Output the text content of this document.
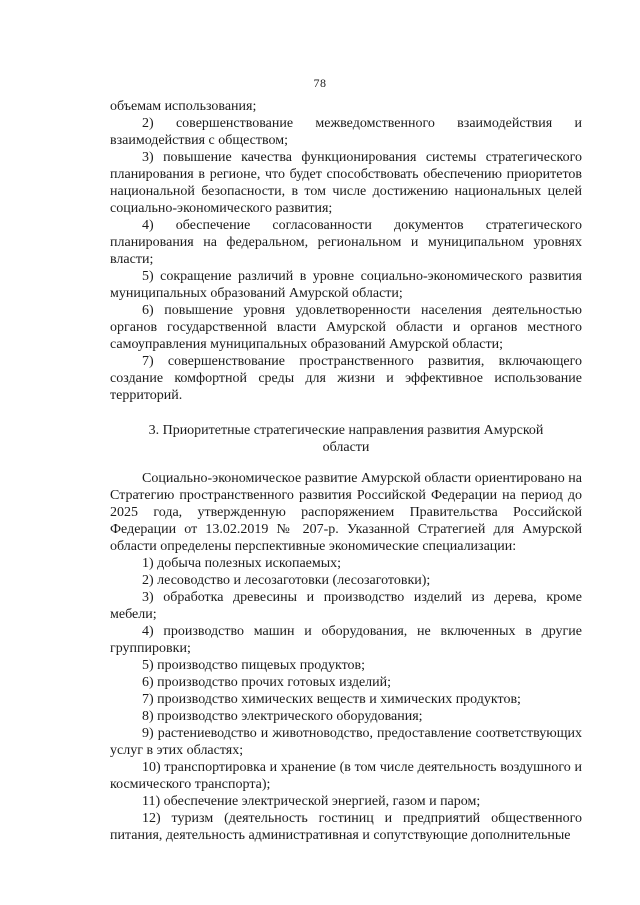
78

объемам использования;

2) совершенствование межведомственного взаимодействия и взаимодействия с обществом;

3) повышение качества функционирования системы стратегического планирования в регионе, что будет способствовать обеспечению приоритетов национальной безопасности, в том числе достижению национальных целей социально-экономического развития;

4) обеспечение согласованности документов стратегического планирования на федеральном, региональном и муниципальном уровнях власти;

5) сокращение различий в уровне социально-экономического развития муниципальных образований Амурской области;

6) повышение уровня удовлетворенности населения деятельностью органов государственной власти Амурской области и органов местного самоуправления муниципальных образований Амурской области;

7) совершенствование пространственного развития, включающего создание комфортной среды для жизни и эффективное использование территорий.

3. Приоритетные стратегические направления развития Амурской области

Социально-экономическое развитие Амурской области ориентировано на Стратегию пространственного развития Российской Федерации на период до 2025 года, утвержденную распоряжением Правительства Российской Федерации от 13.02.2019 № 207-р. Указанной Стратегией для Амурской области определены перспективные экономические специализации:

1) добыча полезных ископаемых;

2) лесоводство и лесозаготовки (лесозаготовки);

3) обработка древесины и производство изделий из дерева, кроме мебели;

4) производство машин и оборудования, не включенных в другие группировки;

5) производство пищевых продуктов;

6) производство прочих готовых изделий;

7) производство химических веществ и химических продуктов;

8) производство электрического оборудования;

9) растениеводство и животноводство, предоставление соответствующих услуг в этих областях;

10) транспортировка и хранение (в том числе деятельность воздушного и космического транспорта);

11) обеспечение электрической энергией, газом и паром;

12) туризм (деятельность гостиниц и предприятий общественного питания, деятельность административная и сопутствующие дополнительные
